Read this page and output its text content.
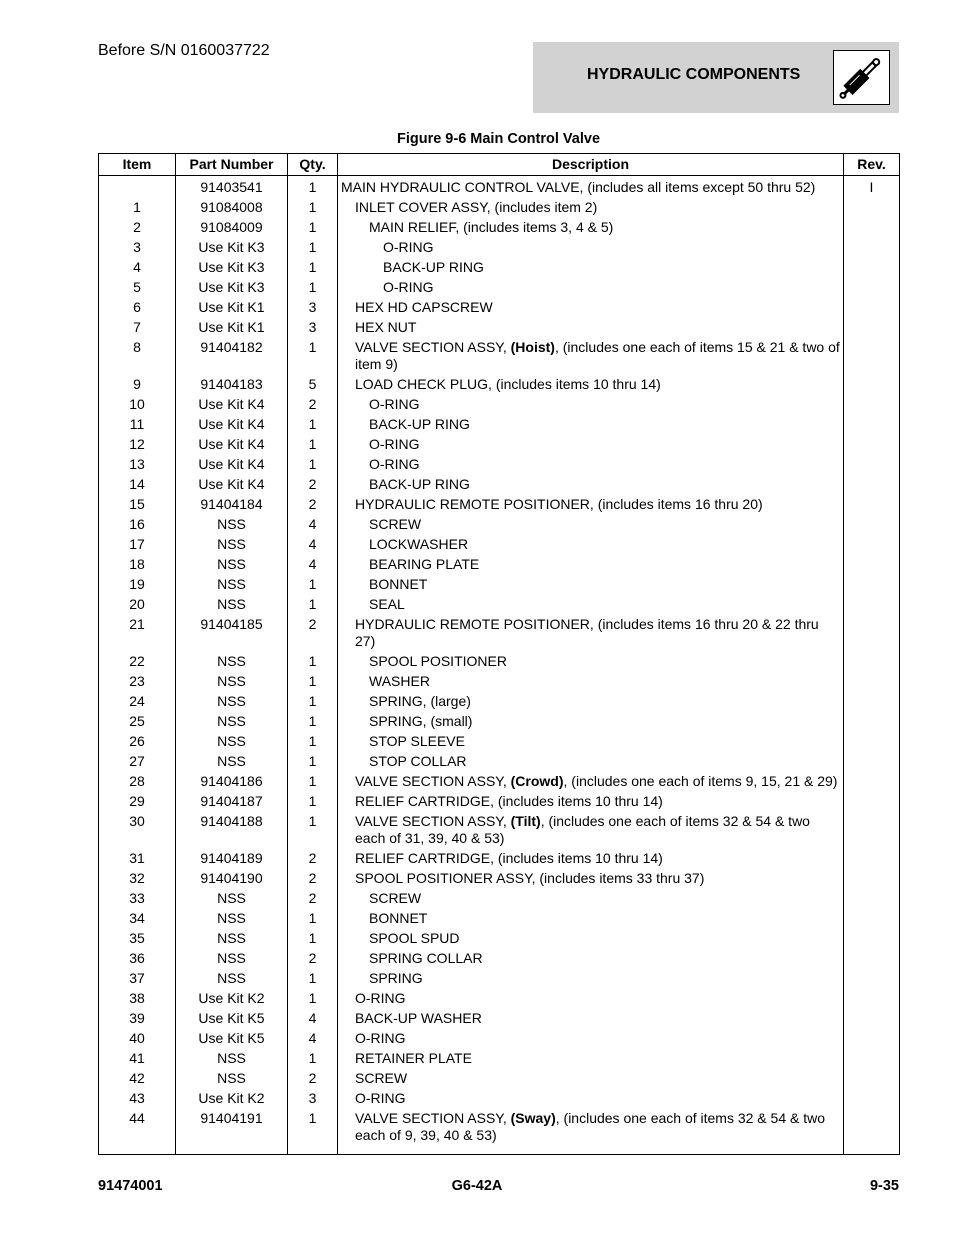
Before S/N 0160037722
HYDRAULIC COMPONENTS
Figure 9-6 Main Control Valve
Item	Part Number	Qty.	Description	Rev.
	91403541	1	MAIN HYDRAULIC CONTROL VALVE, (includes all items except 50 thru 52)	I
1	91084008	1	INLET COVER ASSY, (includes item 2)	

2	91084009	1	MAIN RELIEF, (includes items 3, 4 & 5)	

3	Use Kit K3	1	O-RING	

4	Use Kit K3	1	BACK-UP RING	

5	Use Kit K3	1	O-RING	

6	Use Kit K1	3	HEX HD CAPSCREW	

7	Use Kit K1	3	HEX NUT	

8	91404182	1	VALVE SECTION ASSY, (Hoist), (includes one each of items 15 & 21 & two of item 9)	

9	91404183	5	LOAD CHECK PLUG, (includes items 10 thru 14)	

10	Use Kit K4	2	O-RING	

11	Use Kit K4	1	BACK-UP RING	

12	Use Kit K4	1	O-RING	

13	Use Kit K4	1	O-RING	

14	Use Kit K4	2	BACK-UP RING	

15	91404184	2	HYDRAULIC REMOTE POSITIONER, (includes items 16 thru 20)	

16	NSS	4	SCREW	

17	NSS	4	LOCKWASHER	

18	NSS	4	BEARING PLATE	

19	NSS	1	BONNET	

20	NSS	1	SEAL	

21	91404185	2	HYDRAULIC REMOTE POSITIONER, (includes items 16 thru 20 & 22 thru 27)	

22	NSS	1	SPOOL POSITIONER	

23	NSS	1	WASHER	

24	NSS	1	SPRING, (large)	

25	NSS	1	SPRING, (small)	

26	NSS	1	STOP SLEEVE	

27	NSS	1	STOP COLLAR	

28	91404186	1	VALVE SECTION ASSY, (Crowd), (includes one each of items 9, 15, 21 & 29)	

29	91404187	1	RELIEF CARTRIDGE, (includes items 10 thru 14)	

30	91404188	1	VALVE SECTION ASSY, (Tilt), (includes one each of items 32 & 54 & two each of 31, 39, 40 & 53)	

31	91404189	2	RELIEF CARTRIDGE, (includes items 10 thru 14)	

32	91404190	2	SPOOL POSITIONER ASSY, (includes items 33 thru 37)	

33	NSS	2	SCREW	

34	NSS	1	BONNET	

35	NSS	1	SPOOL SPUD	

36	NSS	2	SPRING COLLAR	

37	NSS	1	SPRING	

38	Use Kit K2	1	O-RING	

39	Use Kit K5	4	BACK-UP WASHER	

40	Use Kit K5	4	O-RING	

41	NSS	1	RETAINER PLATE	

42	NSS	2	SCREW	

43	Use Kit K2	3	O-RING	

44	91404191	1	VALVE SECTION ASSY, (Sway), (includes one each of items 32 & 54 & two each of 9, 39, 40 & 53)	

91474001	G6-42A	9-35
